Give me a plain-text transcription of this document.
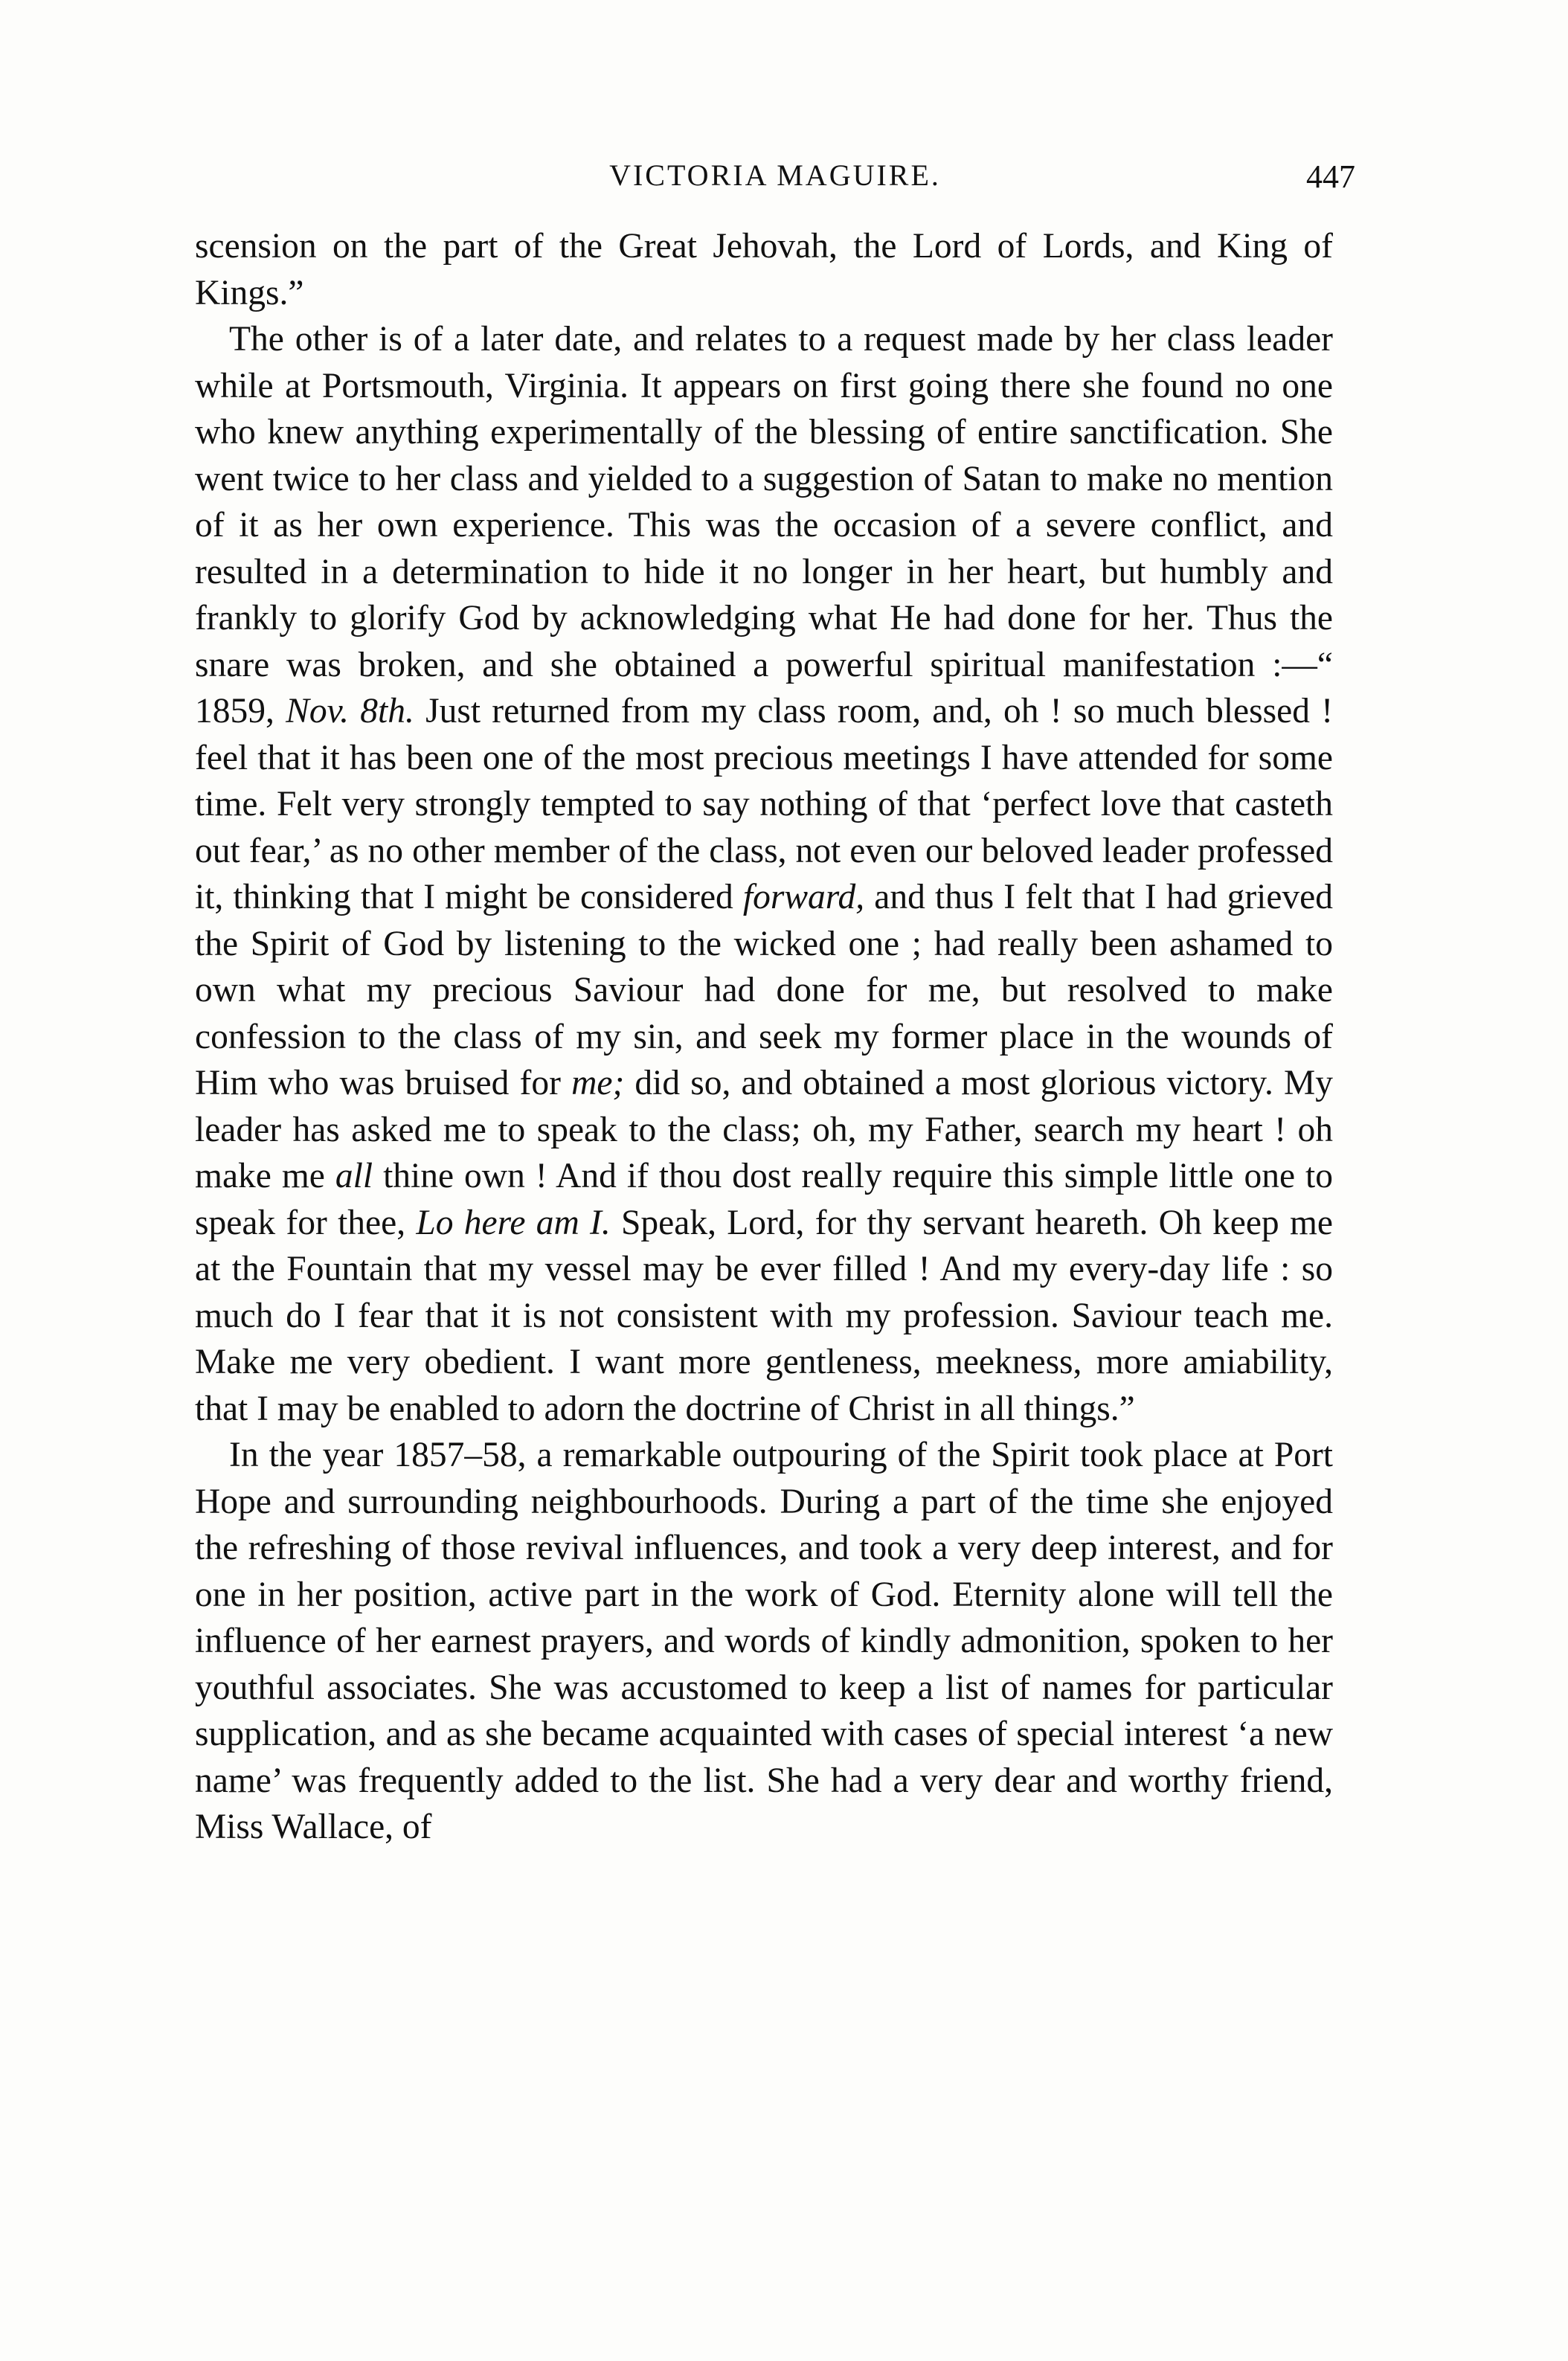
VICTORIA MAGUIRE.	447

scension on the part of the Great Jehovah, the Lord of Lords, and King of Kings.”

The other is of a later date, and relates to a request made by her class leader while at Portsmouth, Virginia. It appears on first going there she found no one who knew anything experimentally of the blessing of entire sanctification. She went twice to her class and yielded to a suggestion of Satan to make no mention of it as her own experience. This was the occasion of a severe conflict, and resulted in a determination to hide it no longer in her heart, but humbly and frankly to glorify God by acknowledging what He had done for her. Thus the snare was broken, and she obtained a powerful spiritual manifestation :—“ 1859, Nov. 8th. Just returned from my class room, and, oh ! so much blessed ! feel that it has been one of the most precious meetings I have attended for some time. Felt very strongly tempted to say nothing of that ‘perfect love that casteth out fear,’ as no other member of the class, not even our beloved leader professed it, thinking that I might be considered forward, and thus I felt that I had grieved the Spirit of God by listening to the wicked one ; had really been ashamed to own what my precious Saviour had done for me, but resolved to make confession to the class of my sin, and seek my former place in the wounds of Him who was bruised for me; did so, and obtained a most glorious victory. My leader has asked me to speak to the class; oh, my Father, search my heart ! oh make me all thine own ! And if thou dost really require this simple little one to speak for thee, Lo here am I. Speak, Lord, for thy servant heareth. Oh keep me at the Fountain that my vessel may be ever filled ! And my every-day life : so much do I fear that it is not consistent with my profession. Saviour teach me. Make me very obedient. I want more gentleness, meekness, more amiability, that I may be enabled to adorn the doctrine of Christ in all things.”

In the year 1857–58, a remarkable outpouring of the Spirit took place at Port Hope and surrounding neighbourhoods. During a part of the time she enjoyed the refreshing of those revival influences, and took a very deep interest, and for one in her position, active part in the work of God. Eternity alone will tell the influence of her earnest prayers, and words of kindly admonition, spoken to her youthful associates. She was accustomed to keep a list of names for particular supplication, and as she became acquainted with cases of special interest ‘a new name’ was frequently added to the list. She had a very dear and worthy friend, Miss Wallace, of
